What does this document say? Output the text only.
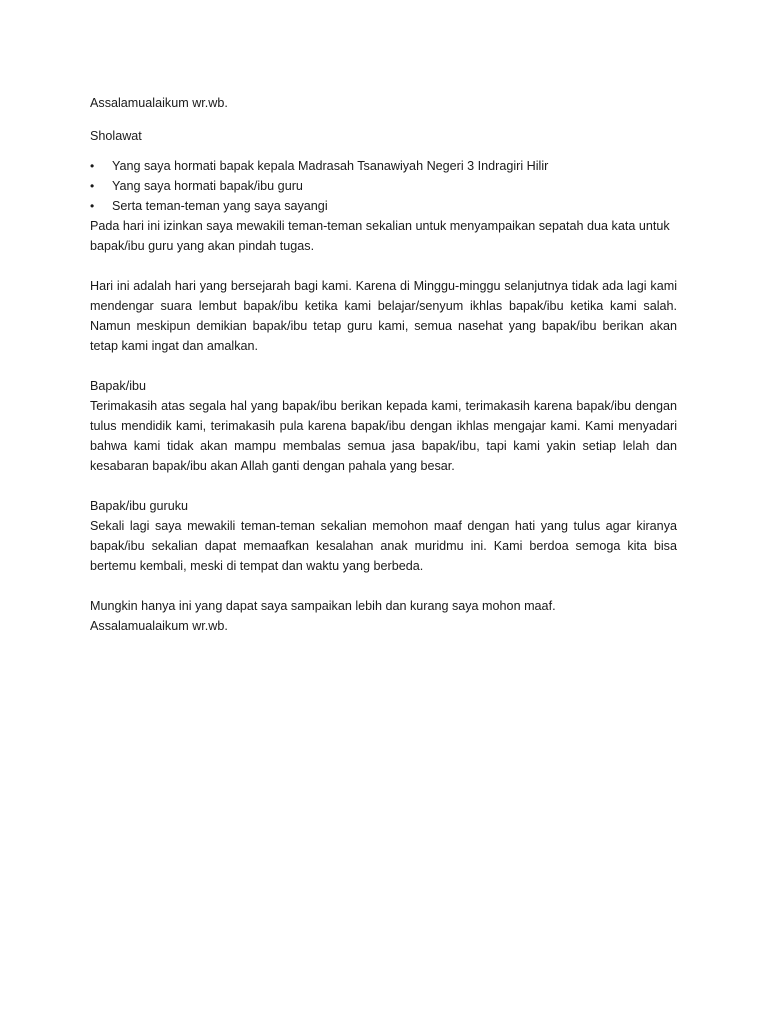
Assalamualaikum wr.wb.

Sholawat

• Yang saya hormati bapak kepala Madrasah Tsanawiyah Negeri 3 Indragiri Hilir
• Yang saya hormati bapak/ibu guru
• Serta teman-teman yang saya sayangi

Pada hari ini izinkan saya mewakili teman-teman sekalian untuk menyampaikan sepatah dua kata untuk bapak/ibu guru yang akan pindah tugas.

Hari ini adalah hari yang bersejarah bagi kami. Karena di Minggu-minggu selanjutnya tidak ada lagi kami mendengar suara lembut bapak/ibu ketika kami belajar/senyum ikhlas bapak/ibu ketika kami salah. Namun meskipun demikian bapak/ibu tetap guru kami, semua nasehat yang bapak/ibu berikan akan tetap kami ingat dan amalkan.

Bapak/ibu

Terimakasih atas segala hal yang bapak/ibu berikan kepada kami, terimakasih karena bapak/ibu dengan tulus mendidik kami, terimakasih pula karena bapak/ibu dengan ikhlas mengajar kami. Kami menyadari bahwa kami tidak akan mampu membalas semua jasa bapak/ibu, tapi kami yakin setiap lelah dan kesabaran bapak/ibu akan Allah ganti dengan pahala yang besar.

Bapak/ibu guruku

Sekali lagi saya mewakili teman-teman sekalian memohon maaf dengan hati yang tulus agar kiranya bapak/ibu sekalian dapat memaafkan kesalahan anak muridmu ini. Kami berdoa semoga kita bisa bertemu kembali, meski di tempat dan waktu yang berbeda.

Mungkin hanya ini yang dapat saya sampaikan lebih dan kurang saya mohon maaf.

Assalamualaikum wr.wb.
